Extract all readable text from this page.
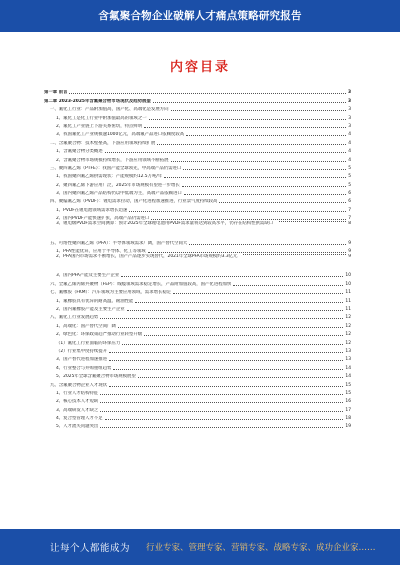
含氟聚合物企业破解人才痛点策略研究报告
内容目录
第一章 前言	3
第二章 2023-2025年含氟聚合物市场现状及趋势展望	3
一、氟化工行业：产品附加值高，国产化、高端化是发展方向	3
1、氟化工是化工行业中附加值最高的领域之一	3
2、氟化工产业链上下游关系密切，特点鲜明	3
3、我国氟化工产业规模逾1000亿元，高端氟产品进口依赖度较高	4
二、含氟聚合物：技术壁垒高，下游应用领域持续扩展	4
1、含氟聚合物分类概述	4
2、含氟聚合物市场规模持续增长，下游应用领域不断拓展	4
三、聚四氟乙烯（PTFE）：我国产能全球领先，中高端产品仍需进口	5
1、我国聚四氟乙烯供需现状：产能规模约12.5万吨/年	5
2、聚四氟乙烯下游应用广泛，2025年市场规模有望进一步增长	5
3、国内聚四氟乙烯产品结构仍以中低端为主，高端产品依赖进口	6
四、聚偏氟乙烯（PVDF）：锂电需求拉动，国产化进程加速推进，行业景气度持续较高	6
1、PVDF在锂电池领域需求增长迅速	7
2、国内PVDF产能快速扩张，高端产品仍需进口	7
3、锂电级PVDF需求空间测算：预计2025年全球锂电池用PVDF需求量将达到较高水平，仍存在结构性供需缺口	8
五、可熔性聚四氟乙烯（PFA）：半导体领域需求广阔，国产替代空间大	9
1、PFA性能优异，应用于半导体、化工等领域	9
2、PFA国内市场需求不断增长，国产产品逐步实现替代，2021年全球PFA市场规模约3.3亿元	9
3、国内PFA产能及主要生产企业	10
六、全氟乙烯丙烯共聚物（FEP）：线缆领域需求稳定增长，产品附加值较高，国产化进程加快	10
七、氟橡胶（FKM）：汽车领域为主要应用领域，需求增长稳定	11
1、氟橡胶具有优异的耐高温、耐油性能	11
2、国内氟橡胶产能及主要生产企业	11
八、氟化工行业发展趋势	12
1、高端化：国产替代空间广阔	12
2、绿色化：环保政策趋严推动行业转型升级	12
（1）氟化工行业面临的环保压力	12
（2）行业集中度持续提升	13
3、国产替代进程加速推进	13
4、行业整合与并购重组趋势	14
5、2025年全球含氟聚合物市场规模展望	14
九、含氟聚合物企业人才现状	15
1、行业人才结构特征	15
2、核心技术人才短缺	16
3、高端研发人才缺乏	17
4、复合型管理人才不足	18
5、人才流失问题突出	19
让每个人都能成为 行业专家、管理专家、营销专家、战略专家、成功企业家……
